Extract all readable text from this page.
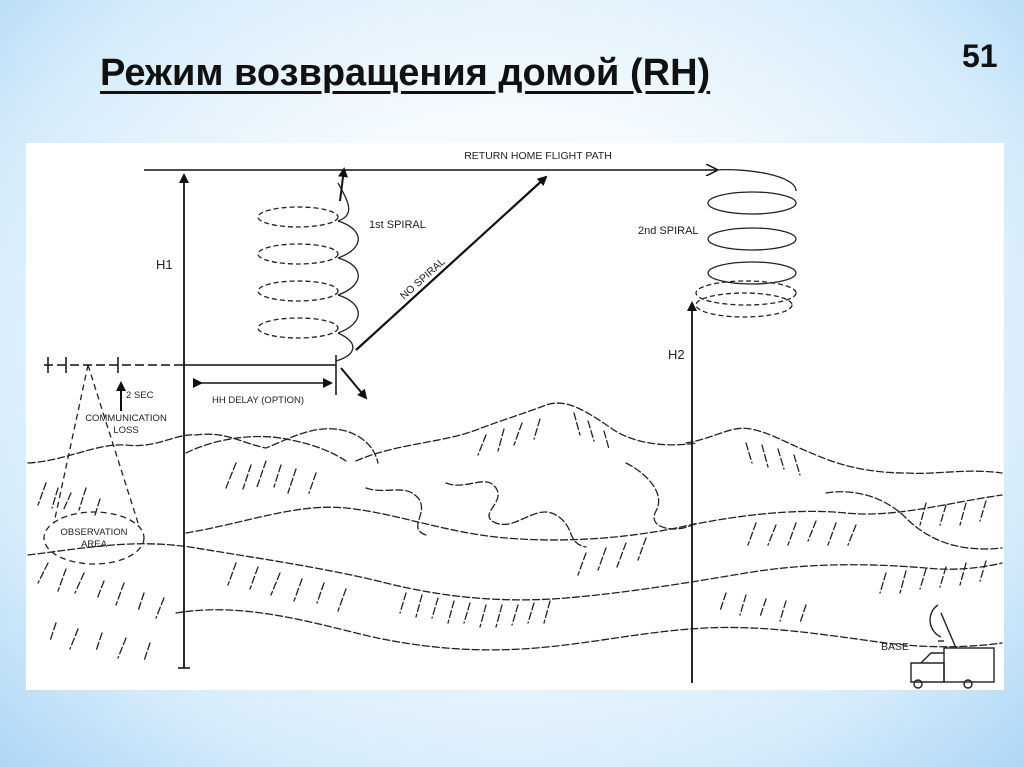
Режим возвращения домой (RH)	51
OBSERVATION
AREA
2 SEC
COMMUNICATION
LOSS
HH DELAY (OPTION)
H1
RETURN HOME FLIGHT PATH
1st SPIRAL
NO SPIRAL
2nd SPIRAL
H2
BASE
